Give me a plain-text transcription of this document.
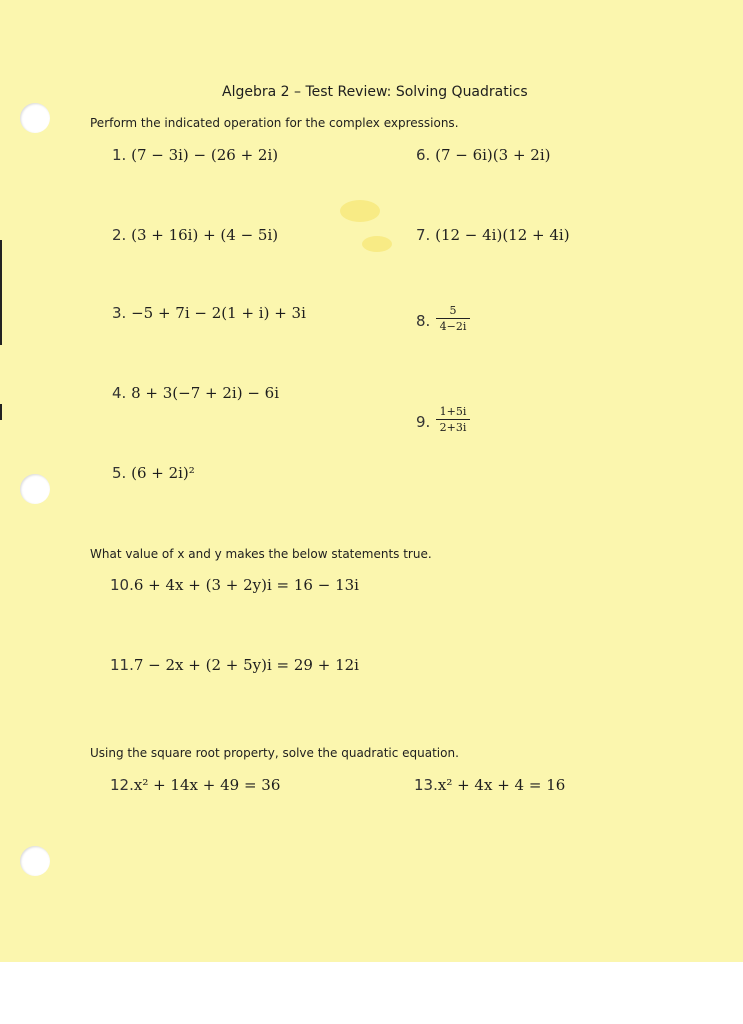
Algebra 2 – Test Review: Solving Quadratics
Perform the indicated operation for the complex expressions.
1. (7 − 3i) − (26 + 2i)
2. (3 + 16i) + (4 − 5i)
3. −5 + 7i − 2(1 + i) + 3i
4. 8 + 3(−7 + 2i) − 6i
5. (6 + 2i)²
6. (7 − 6i)(3 + 2i)
7. (12 − 4i)(12 + 4i)
8. $\frac{5}{4-2i}$
9. $\frac{1+5i}{2+3i}$
What value of x and y makes the below statements true.
10.6 + 4x + (3 + 2y)i = 16 − 13i
11.7 − 2x + (2 + 5y)i = 29 + 12i
Using the square root property, solve the quadratic equation.
12.x² + 14x + 49 = 36	13.x² + 4x + 4 = 16
